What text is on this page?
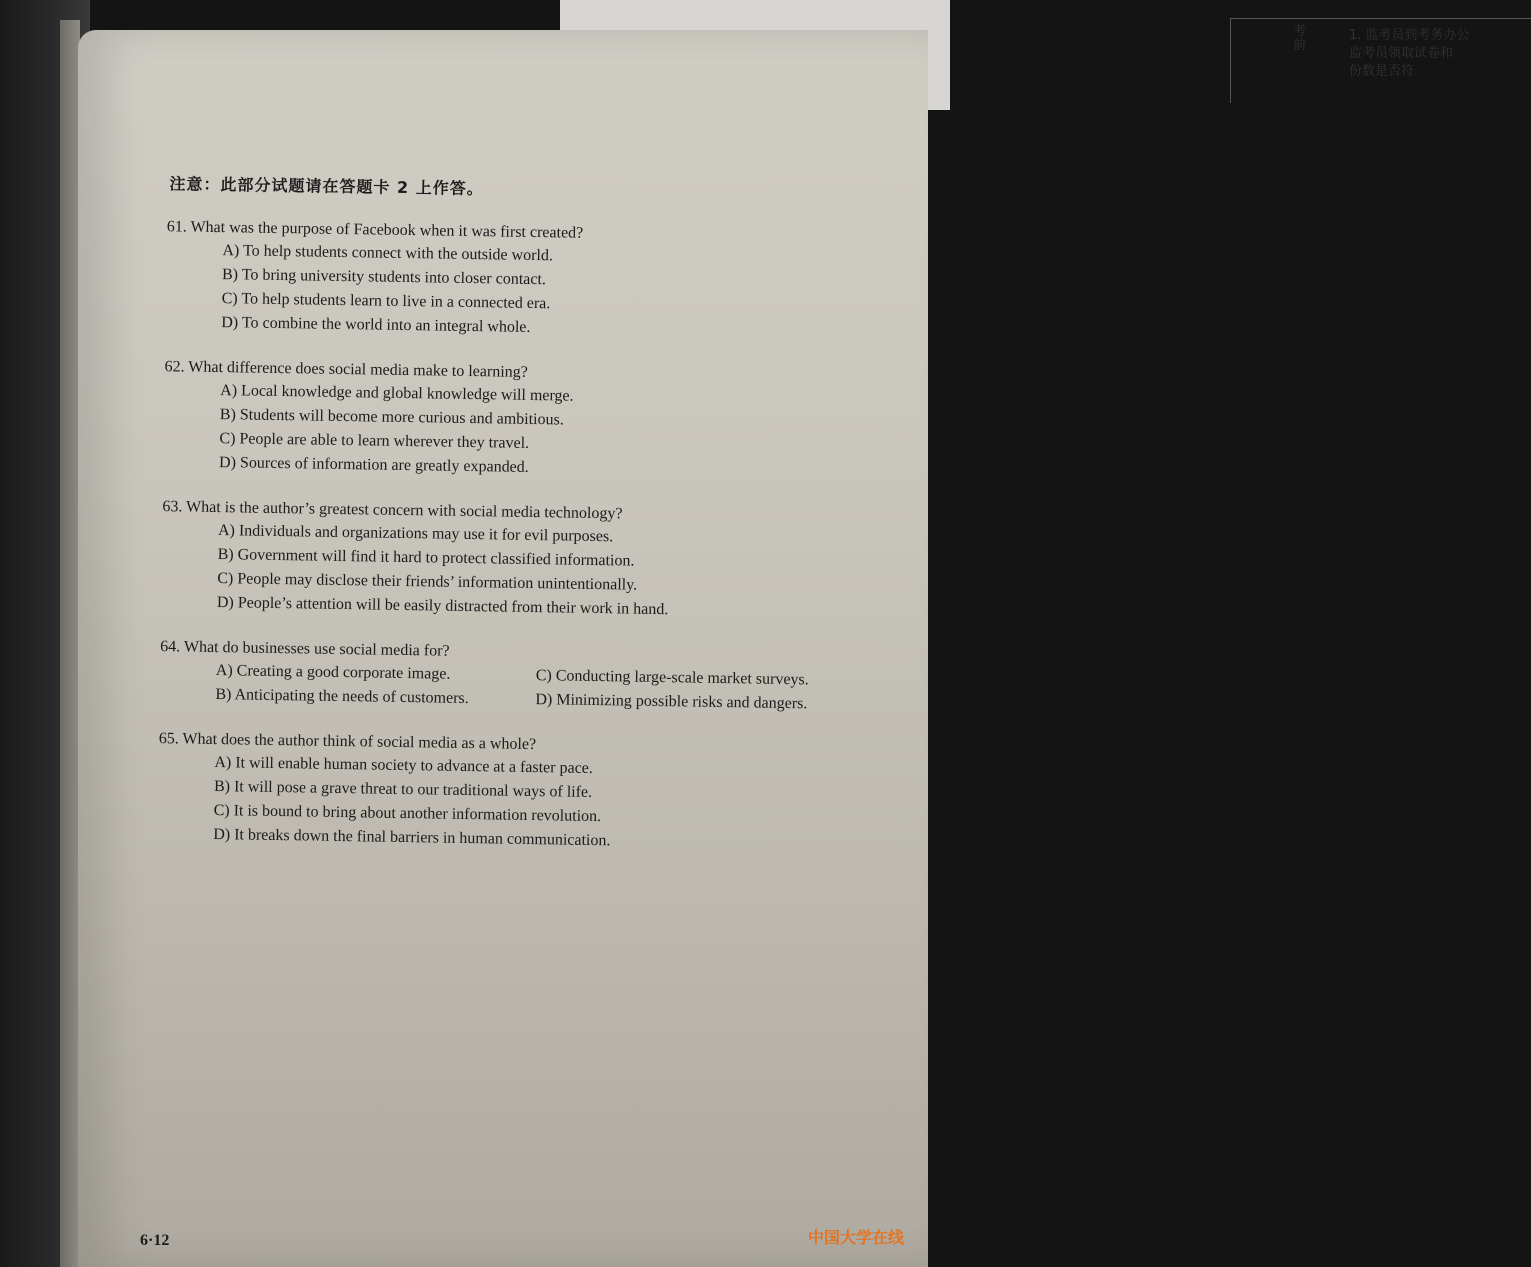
考前
1. 监考员到考务办公
监考员领取试卷和
份数是否符
注意：此部分试题请在答题卡 2 上作答。
61. What was the purpose of Facebook when it was first created?
A) To help students connect with the outside world.
B) To bring university students into closer contact.
C) To help students learn to live in a connected era.
D) To combine the world into an integral whole.
62. What difference does social media make to learning?
A) Local knowledge and global knowledge will merge.
B) Students will become more curious and ambitious.
C) People are able to learn wherever they travel.
D) Sources of information are greatly expanded.
63. What is the author’s greatest concern with social media technology?
A) Individuals and organizations may use it for evil purposes.
B) Government will find it hard to protect classified information.
C) People may disclose their friends’ information unintentionally.
D) People’s attention will be easily distracted from their work in hand.
64. What do businesses use social media for?
A) Creating a good corporate image.	C) Conducting large-scale market surveys.
B) Anticipating the needs of customers.	D) Minimizing possible risks and dangers.
65. What does the author think of social media as a whole?
A) It will enable human society to advance at a faster pace.
B) It will pose a grave threat to our traditional ways of life.
C) It is bound to bring about another information revolution.
D) It breaks down the final barriers in human communication.
6·12	中国大学在线
